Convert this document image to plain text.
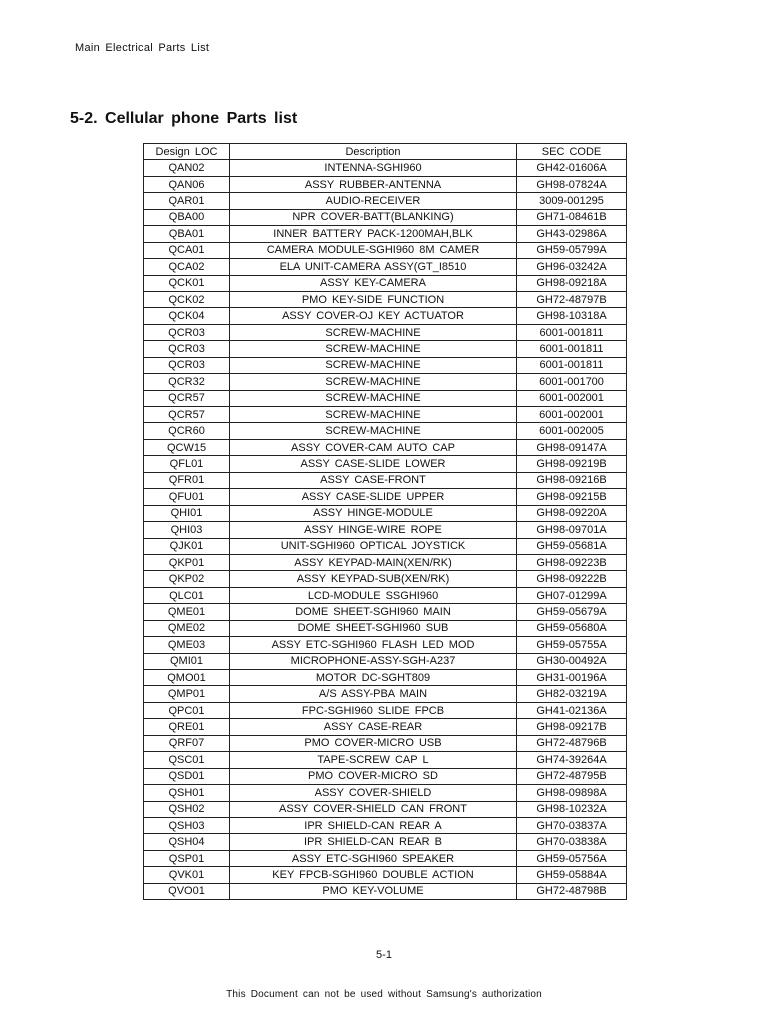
Main Electrical Parts List
5-2. Cellular phone Parts list
Design LOC	Description	SEC CODE
QAN02	INTENNA-SGHI960	GH42-01606A
QAN06	ASSY RUBBER-ANTENNA	GH98-07824A
QAR01	AUDIO-RECEIVER	3009-001295
QBA00	NPR COVER-BATT(BLANKING)	GH71-08461B
QBA01	INNER BATTERY PACK-1200MAH,BLK	GH43-02986A
QCA01	CAMERA MODULE-SGHI960 8M CAMER	GH59-05799A
QCA02	ELA UNIT-CAMERA ASSY(GT_I8510	GH96-03242A
QCK01	ASSY KEY-CAMERA	GH98-09218A
QCK02	PMO KEY-SIDE FUNCTION	GH72-48797B
QCK04	ASSY COVER-OJ KEY ACTUATOR	GH98-10318A
QCR03	SCREW-MACHINE	6001-001811
QCR03	SCREW-MACHINE	6001-001811
QCR03	SCREW-MACHINE	6001-001811
QCR32	SCREW-MACHINE	6001-001700
QCR57	SCREW-MACHINE	6001-002001
QCR57	SCREW-MACHINE	6001-002001
QCR60	SCREW-MACHINE	6001-002005
QCW15	ASSY COVER-CAM AUTO CAP	GH98-09147A
QFL01	ASSY CASE-SLIDE LOWER	GH98-09219B
QFR01	ASSY CASE-FRONT	GH98-09216B
QFU01	ASSY CASE-SLIDE UPPER	GH98-09215B
QHI01	ASSY HINGE-MODULE	GH98-09220A
QHI03	ASSY HINGE-WIRE ROPE	GH98-09701A
QJK01	UNIT-SGHI960 OPTICAL JOYSTICK	GH59-05681A
QKP01	ASSY KEYPAD-MAIN(XEN/RK)	GH98-09223B
QKP02	ASSY KEYPAD-SUB(XEN/RK)	GH98-09222B
QLC01	LCD-MODULE SSGHI960	GH07-01299A
QME01	DOME SHEET-SGHI960 MAIN	GH59-05679A
QME02	DOME SHEET-SGHI960 SUB	GH59-05680A
QME03	ASSY ETC-SGHI960 FLASH LED MOD	GH59-05755A
QMI01	MICROPHONE-ASSY-SGH-A237	GH30-00492A
QMO01	MOTOR DC-SGHT809	GH31-00196A
QMP01	A/S ASSY-PBA MAIN	GH82-03219A
QPC01	FPC-SGHI960 SLIDE FPCB	GH41-02136A
QRE01	ASSY CASE-REAR	GH98-09217B
QRF07	PMO COVER-MICRO USB	GH72-48796B
QSC01	TAPE-SCREW CAP L	GH74-39264A
QSD01	PMO COVER-MICRO SD	GH72-48795B
QSH01	ASSY COVER-SHIELD	GH98-09898A
QSH02	ASSY COVER-SHIELD CAN FRONT	GH98-10232A
QSH03	IPR SHIELD-CAN REAR A	GH70-03837A
QSH04	IPR SHIELD-CAN REAR B	GH70-03838A
QSP01	ASSY ETC-SGHI960 SPEAKER	GH59-05756A
QVK01	KEY FPCB-SGHI960 DOUBLE ACTION	GH59-05884A
QVO01	PMO KEY-VOLUME	GH72-48798B
5-1
This Document can not be used without Samsung's authorization
